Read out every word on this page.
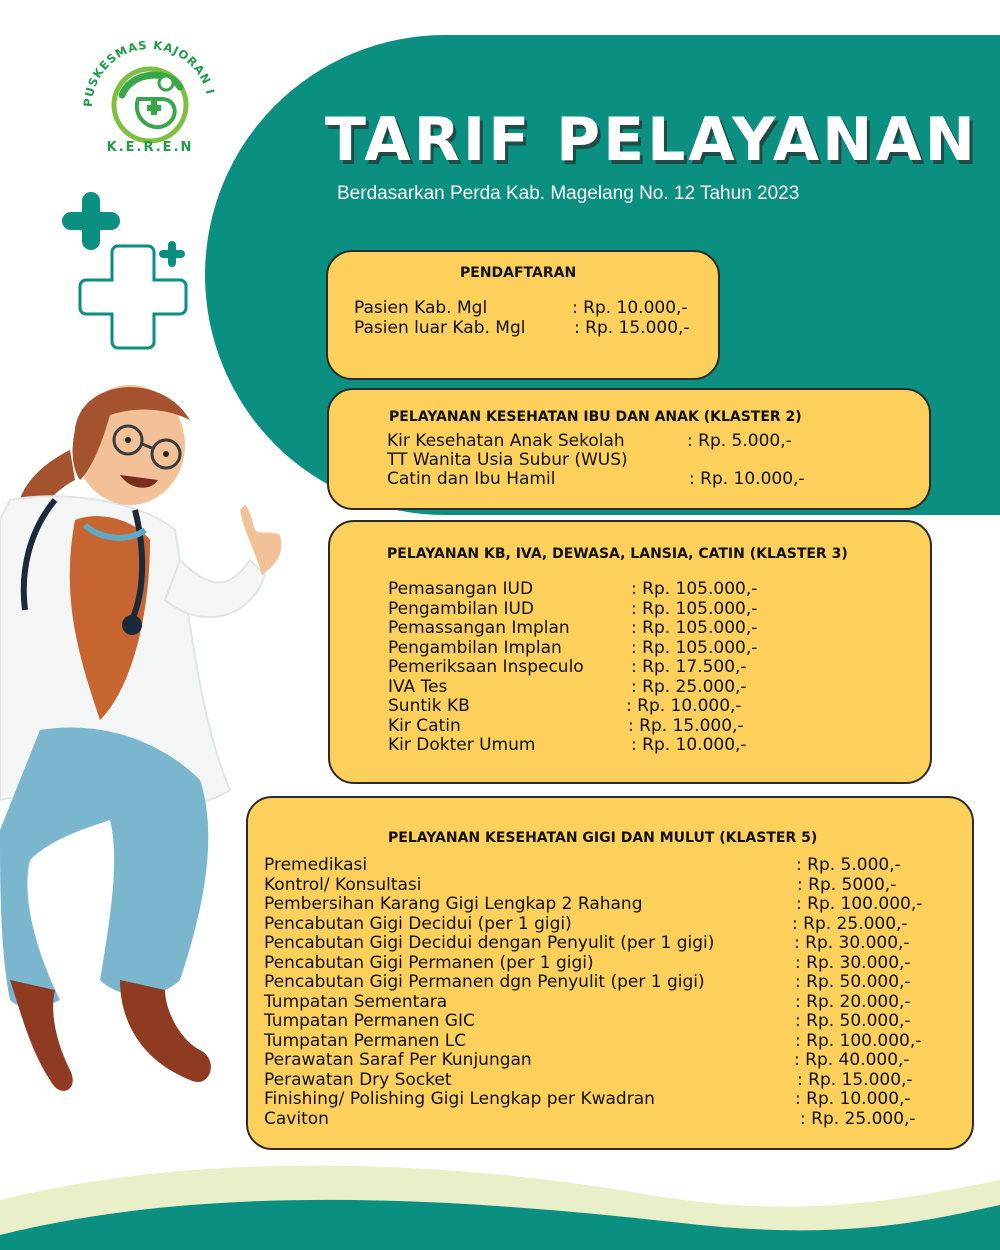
PUSKESMAS KAJORAN I
K.E.R.E.N TARIF PELAYANAN
Berdasarkan Perda Kab. Magelang No. 12 Tahun 2023
PENDAFTARAN
Pasien Kab. Mgl	: Rp. 10.000,-
Pasien luar Kab. Mgl	: Rp. 15.000,-
PELAYANAN KESEHATAN IBU DAN ANAK (KLASTER 2)
Kir Kesehatan Anak Sekolah	: Rp. 5.000,-
TT Wanita Usia Subur (WUS)
Catin dan Ibu Hamil	: Rp. 10.000,-
PELAYANAN KB, IVA, DEWASA, LANSIA, CATIN (KLASTER 3)
Pemasangan IUD	: Rp. 105.000,-
Pengambilan IUD	: Rp. 105.000,-
Pemassangan Implan	: Rp. 105.000,-
Pengambilan Implan	: Rp. 105.000,-
Pemeriksaan Inspeculo	: Rp. 17.500,-
IVA Tes	: Rp. 25.000,-
Suntik KB	: Rp. 10.000,-
Kir Catin	: Rp. 15.000,-
Kir Dokter Umum	: Rp. 10.000,-
PELAYANAN KESEHATAN GIGI DAN MULUT (KLASTER 5)
Premedikasi	: Rp. 5.000,-
Kontrol/ Konsultasi	: Rp. 5000,-
Pembersihan Karang Gigi Lengkap 2 Rahang	: Rp. 100.000,-
Pencabutan Gigi Decidui (per 1 gigi)	: Rp. 25.000,-
Pencabutan Gigi Decidui dengan Penyulit (per 1 gigi)	: Rp. 30.000,-
Pencabutan Gigi Permanen (per 1 gigi)	: Rp. 30.000,-
Pencabutan Gigi Permanen dgn Penyulit (per 1 gigi)	: Rp. 50.000,-
Tumpatan Sementara	: Rp. 20.000,-
Tumpatan Permanen GIC	: Rp. 50.000,-
Tumpatan Permanen LC	: Rp. 100.000,-
Perawatan Saraf Per Kunjungan	: Rp. 40.000,-
Perawatan Dry Socket	: Rp. 15.000,-
Finishing/ Polishing Gigi Lengkap per Kwadran	: Rp. 10.000,-
Caviton	: Rp. 25.000,-
